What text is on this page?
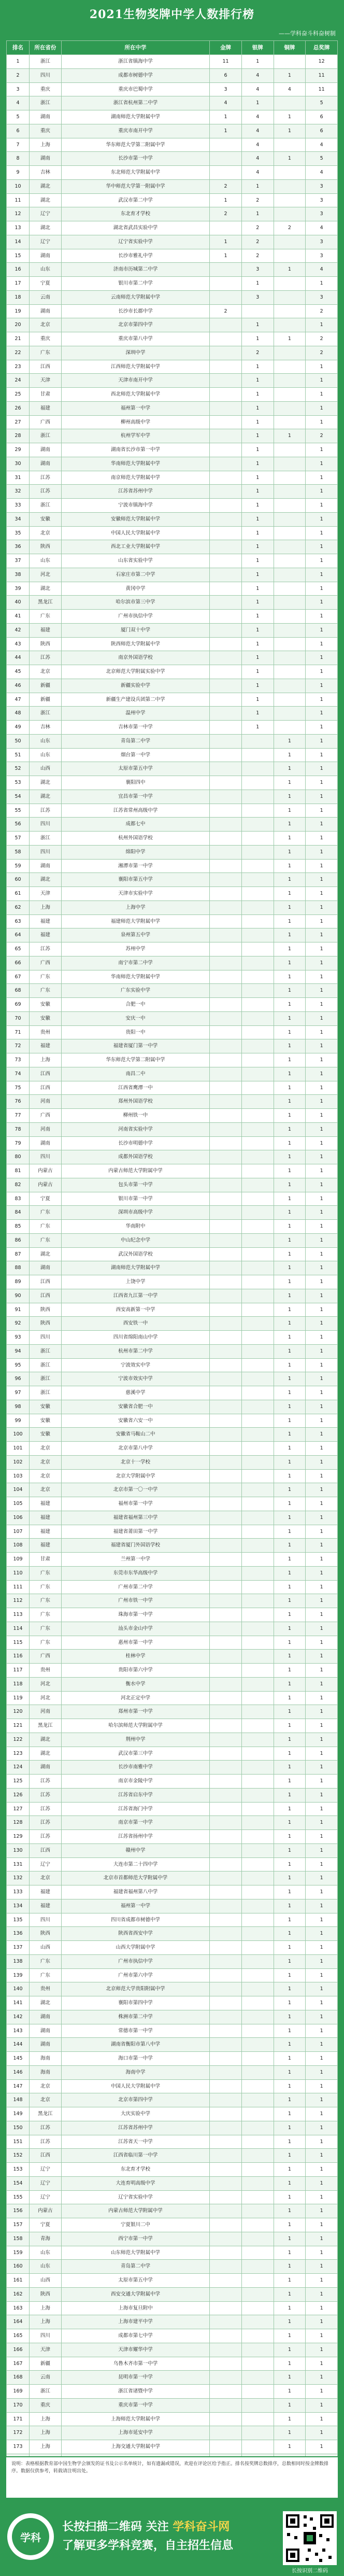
2021生物奖牌中学人数排行榜
——学科奋斗科奋树制
排名	所在省份	所在中学	金牌	银牌	铜牌	总奖牌
1	浙江	浙江省镇海中学	11	1		12
2	四川	成都市树德中学	6	4	1	11
3	重庆	重庆市巴蜀中学	3	4	4	11
4	浙江	浙江省杭州第二中学	4	1		5
5	湖南	湖南师范大学附属中学	1	4	1	6
6	重庆	重庆市南开中学	1	4	1	6
7	上海	华东师范大学第二附属中学		4		4
8	湖南	长沙市第一中学		4	1	5
9	吉林	东北师范大学附属中学		4		4
10	湖北	华中师范大学第一附属中学	2	1		3
11	湖北	武汉市第二中学	1	2		3
12	辽宁	东北育才学校	2	1		3
13	湖北	湖北省武昌实验中学		2	2	4
14	辽宁	辽宁省实验中学	1	2		3
15	湖南	长沙市雅礼中学	1	2		3
16	山东	济南市历城第二中学		3	1	4
17	宁夏	银川市第二中学		1		1
18	云南	云南师范大学附属中学		3		3
19	湖南	长沙市长郡中学	2			2
20	北京	北京市第四中学		1		1
21	重庆	重庆市第八中学		1	1	2
22	广东	深圳中学		2		2
23	江西	江西师范大学附属中学		1		1
24	天津	天津市南开中学		1		1
25	甘肃	西北师范大学附属中学		1		1
26	福建	福州第一中学		1		1
27	广西	柳州高级中学		1		1
28	浙江	杭州学军中学		1	1	2
29	湖南	湖南省长沙市第一中学		1		1
30	湖南	华南师范大学附属中学		1		1
31	江苏	南京师范大学附属中学		1		1
32	江苏	江苏省苏州中学		1		1
33	浙江	宁波市镇海中学		1		1
34	安徽	安徽师范大学附属中学		1		1
35	北京	中国人民大学附属中学		1		1
36	陕西	西北工业大学附属中学		1		1
37	山东	山东省实验中学		1		1
38	河北	石家庄市第二中学		1		1
39	湖北	黄冈中学		1		1
40	黑龙江	哈尔滨市第三中学		1		1
41	广东	广州市执信中学		1		1
42	福建	厦门双十中学		1		1
43	陕西	陕西师范大学附属中学		1		1
44	江苏	南京外国语学校		1		1
45	北京	北京师范大学附属实验中学		1		1
46	新疆	新疆实验中学		1		1
47	新疆	新疆生产建设兵团第二中学		1		1
48	浙江	温州中学		1		1
49	吉林	吉林市第一中学		1		1
50	山东	青岛第二中学			1	1
51	山东	烟台第一中学			1	1
52	山西	太原市第五中学			1	1
53	湖北	襄阳四中			1	1
54	湖北	宜昌市第一中学			1	1
55	江苏	江苏省常州高级中学			1	1
56	四川	成都七中			1	1
57	浙江	杭州外国语学校			1	1
58	四川	绵阳中学			1	1
59	湖南	湘潭市第一中学			1	1
60	湖北	襄阳市第五中学			1	1
61	天津	天津市实验中学			1	1
62	上海	上海中学			1	1
63	福建	福建师范大学附属中学			1	1
64	福建	泉州第五中学			1	1
65	江苏	苏州中学			1	1
66	广西	南宁市第二中学			1	1
67	广东	华南师范大学附属中学			1	1
68	广东	广东实验中学			1	1
69	安徽	合肥一中			1	1
70	安徽	安庆一中			1	1
71	贵州	贵阳一中			1	1
72	福建	福建省厦门第一中学			1	1
73	上海	华东师范大学第二附属中学			1	1
74	江西	南昌二中			1	1
75	江西	江西省鹰潭一中			1	1
76	河南	郑州外国语学校			1	1
77	广西	柳州铁一中			1	1
78	河南	河南省实验中学			1	1
79	湖南	长沙市明德中学			1	1
80	四川	成都外国语学校			1	1
81	内蒙古	内蒙古师范大学附属中学			1	1
82	内蒙古	包头市第一中学			1	1
83	宁夏	银川市第一中学			1	1
84	广东	深圳市高级中学			1	1
85	广东	华南附中			1	1
86	广东	中山纪念中学			1	1
87	湖北	武汉外国语学校			1	1
88	湖南	湖南师范大学附属中学			1	1
89	江西	上饶中学			1	1
90	江西	江西省九江第一中学			1	1
91	陕西	西安高新第一中学			1	1
92	陕西	西安铁一中			1	1
93	四川	四川省绵阳南山中学			1	1
94	浙江	杭州市第二中学			1	1
95	浙江	宁波效实中学			1	1
96	浙江	宁波市效实中学			1	1
97	浙江	慈溪中学			1	1
98	安徽	安徽省合肥一中			1	1
99	安徽	安徽省六安一中			1	1
100	安徽	安徽省马鞍山二中			1	1
101	北京	北京市第八中学			1	1
102	北京	北京十一学校			1	1
103	北京	北京大学附属中学			1	1
104	北京	北京市第一〇一中学			1	1
105	福建	福州市第一中学			1	1
106	福建	福建省福州第三中学			1	1
107	福建	福建省莆田第一中学			1	1
108	福建	福建省厦门外国语学校			1	1
109	甘肃	兰州第一中学			1	1
110	广东	东莞市东华高级中学			1	1
111	广东	广州市第二中学			1	1
112	广东	广州市铁一中学			1	1
113	广东	珠海市第一中学			1	1
114	广东	汕头市金山中学			1	1
115	广东	惠州市第一中学			1	1
116	广西	桂林中学			1	1
117	贵州	贵阳市第六中学			1	1
118	河北	衡水中学			1	1
119	河北	河北正定中学			1	1
120	河南	郑州市第一中学			1	1
121	黑龙江	哈尔滨师范大学附属中学			1	1
122	湖北	荆州中学			1	1
123	湖北	武汉市第三中学			1	1
124	湖南	长沙市南雅中学			1	1
125	江苏	南京市金陵中学			1	1
126	江苏	江苏省启东中学			1	1
127	江苏	江苏省海门中学			1	1
128	江苏	南京市第一中学			1	1
129	江苏	江苏省扬州中学			1	1
130	江西	赣州中学			1	1
131	辽宁	大连市第二十四中学			1	1
132	北京	北京市首都师范大学附属中学			1	1
133	福建	福建省福州第八中学			1	1
134	福建	福州第一中学			1	1
135	四川	四川省成都市树德中学			1	1
136	陕西	陕西省西安中学			1	1
137	山西	山西大学附属中学			1	1
138	广东	广州市执信中学			1	1
139	广东	广州市第六中学			1	1
140	贵州	北京师范大学贵阳附属中学			1	1
141	湖北	襄阳市第四中学			1	1
142	湖南	株洲市第二中学			1	1
143	湖南	常德市第一中学			1	1
144	湖南	湖南省衡阳市第八中学			1	1
145	海南	海口市第一中学			1	1
146	海南	海南中学			1	1
147	北京	中国人民大学附属中学			1	1
148	北京	北京市第四中学			1	1
149	黑龙江	大庆实验中学			1	1
150	江苏	江苏省苏州中学			1	1
151	江苏	江苏省天一中学			1	1
152	江西	江西省临川第一中学			1	1
153	辽宁	东北育才学校			1	1
154	辽宁	大连育明高级中学			1	1
155	辽宁	辽宁省实验中学			1	1
156	内蒙古	内蒙古师范大学附属中学			1	1
157	宁夏	宁夏银川二中			1	1
158	青海	西宁市第一中学			1	1
159	山东	山东师范大学附属中学			1	1
160	山东	青岛第二中学			1	1
161	山西	太原市第五中学			1	1
162	陕西	西安交通大学附属中学			1	1
163	上海	上海市复旦附中			1	1
164	上海	上海市建平中学			1	1
165	四川	成都市第七中学			1	1
166	天津	天津市耀华中学			1	1
167	新疆	乌鲁木齐市第一中学			1	1
168	云南	昆明市第一中学			1	1
169	浙江	浙江省诸暨中学			1	1
170	重庆	重庆市第一中学			1	1
171	上海	上海师范大学附属中学			1	1
172	上海	上海市延安中学			1	1
173	上海	上海交通大学附属中学			1	1

说明：表格根据教育部中国生物学会颁发的证书及公示名单统计，如有遗漏或错误，欢迎在评论区给予指正。排名按奖牌总数排序，总数相同时按金牌数排序。数据仅供参考，转载请注明出处。
学科
长按扫描二维码 关注 学科奋斗网
了解更多学科竞赛，自主招生信息
长按识别二维码
